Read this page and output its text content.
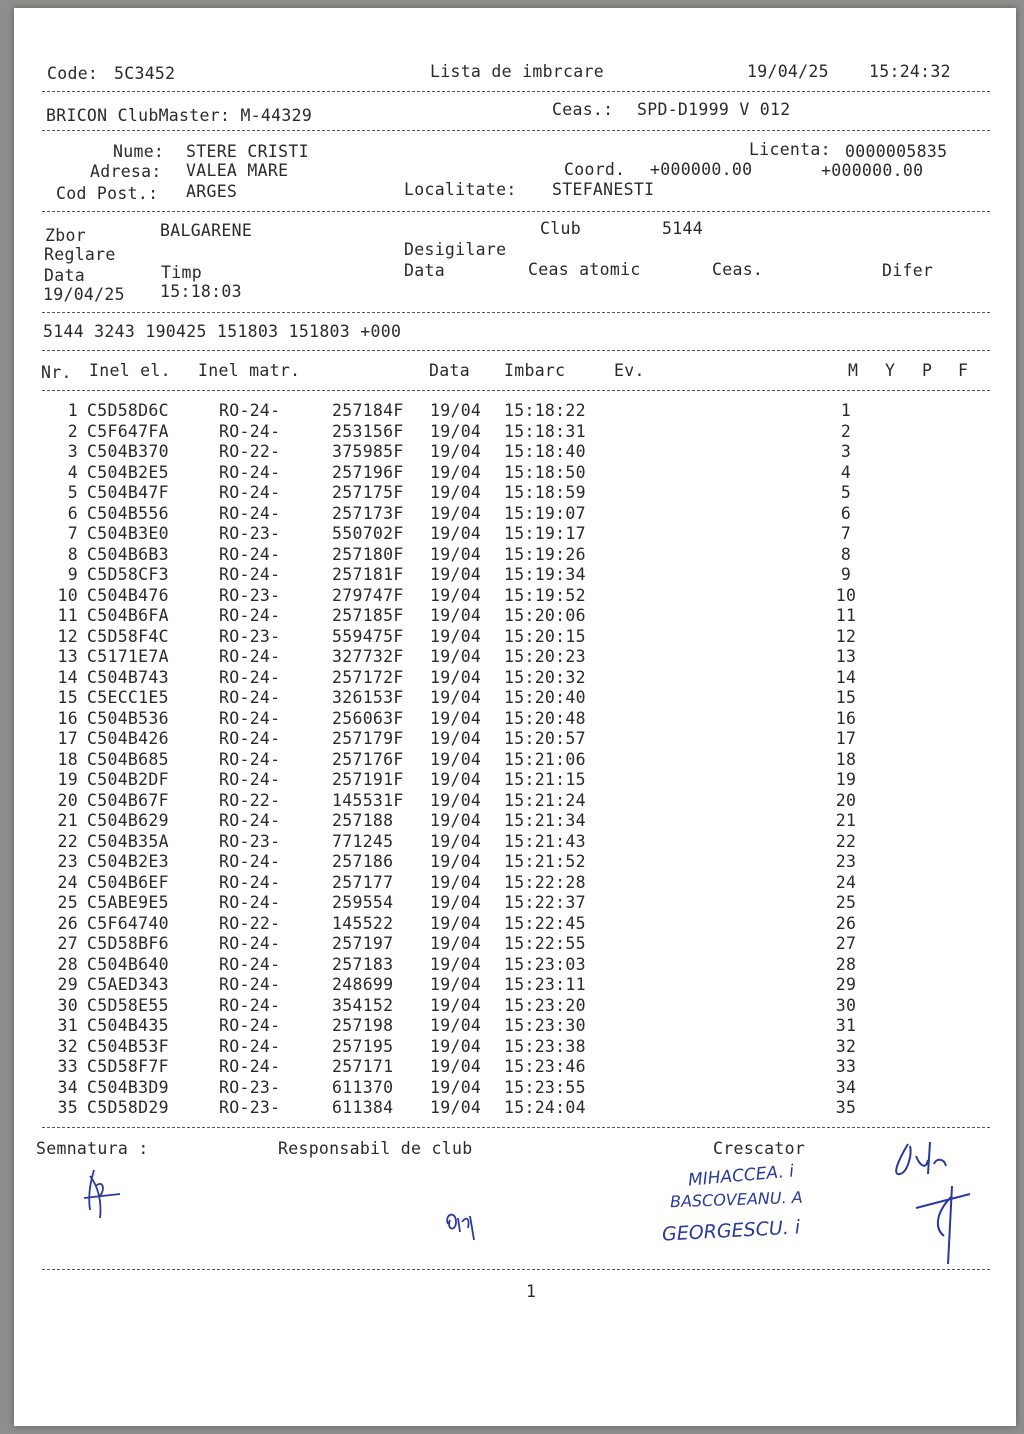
Code: 5C3452	Lista de imbrcare	19/04/25 15:24:32
BRICON ClubMaster: M-44329	Ceas.: SPD-D1999 V 012
Nume: STERE CRISTI	Licenta: 0000005835
Adresa: VALEA MARE	Coord. +000000.00	+000000.00
Cod Post.: ARGES	Localitate: STEFANESTI
Zbor	BALGARENE	Club	5144
Reglare	Desigilare
Data	Timp	Data	Ceas atomic	Ceas.	Difer
19/04/25 15:18:03
5144 3243 190425 151803 151803 +000
Nr. Inel el. Inel matr.	Data Imbarc	Ev.	M Y P F
1 C5D58D6C	RO-24-	257184F 19/04 15:18:22	1
2 C5F647FA	RO-24-	253156F 19/04 15:18:31	2
3 C504B370	RO-22-	375985F 19/04 15:18:40	3
4 C504B2E5	RO-24-	257196F 19/04 15:18:50	4
5 C504B47F	RO-24-	257175F 19/04 15:18:59	5
6 C504B556	RO-24-	257173F 19/04 15:19:07	6
7 C504B3E0	RO-23-	550702F 19/04 15:19:17	7
8 C504B6B3	RO-24-	257180F 19/04 15:19:26	8
9 C5D58CF3	RO-24-	257181F 19/04 15:19:34	9
10 C504B476	RO-23-	279747F 19/04 15:19:52	10
11 C504B6FA	RO-24-	257185F 19/04 15:20:06	11
12 C5D58F4C	RO-23-	559475F 19/04 15:20:15	12
13 C5171E7A	RO-24-	327732F 19/04 15:20:23	13
14 C504B743	RO-24-	257172F 19/04 15:20:32	14
15 C5ECC1E5	RO-24-	326153F 19/04 15:20:40	15
16 C504B536	RO-24-	256063F 19/04 15:20:48	16
17 C504B426	RO-24-	257179F 19/04 15:20:57	17
18 C504B685	RO-24-	257176F 19/04 15:21:06	18
19 C504B2DF	RO-24-	257191F 19/04 15:21:15	19
20 C504B67F	RO-22-	145531F 19/04 15:21:24	20
21 C504B629	RO-24-	257188 19/04 15:21:34	21
22 C504B35A	RO-23-	771245 19/04 15:21:43	22
23 C504B2E3	RO-24-	257186 19/04 15:21:52	23
24 C504B6EF	RO-24-	257177 19/04 15:22:28	24
25 C5ABE9E5	RO-24-	259554 19/04 15:22:37	25
26 C5F64740	RO-22-	145522 19/04 15:22:45	26
27 C5D58BF6	RO-24-	257197 19/04 15:22:55	27
28 C504B640	RO-24-	257183 19/04 15:23:03	28
29 C5AED343	RO-24-	248699 19/04 15:23:11	29
30 C5D58E55	RO-24-	354152 19/04 15:23:20	30
31 C504B435	RO-24-	257198 19/04 15:23:30	31
32 C504B53F	RO-24-	257195 19/04 15:23:38	32
33 C5D58F7F	RO-24-	257171 19/04 15:23:46	33
34 C504B3D9	RO-23-	611370 19/04 15:23:55	34
35 C5D58D29	RO-23-	611384 19/04 15:24:04	35
Semnatura :	Responsabil de club	Crescator
MIHACCEA. i
BASCOVEANU. A
GEORGESCU. i
1
